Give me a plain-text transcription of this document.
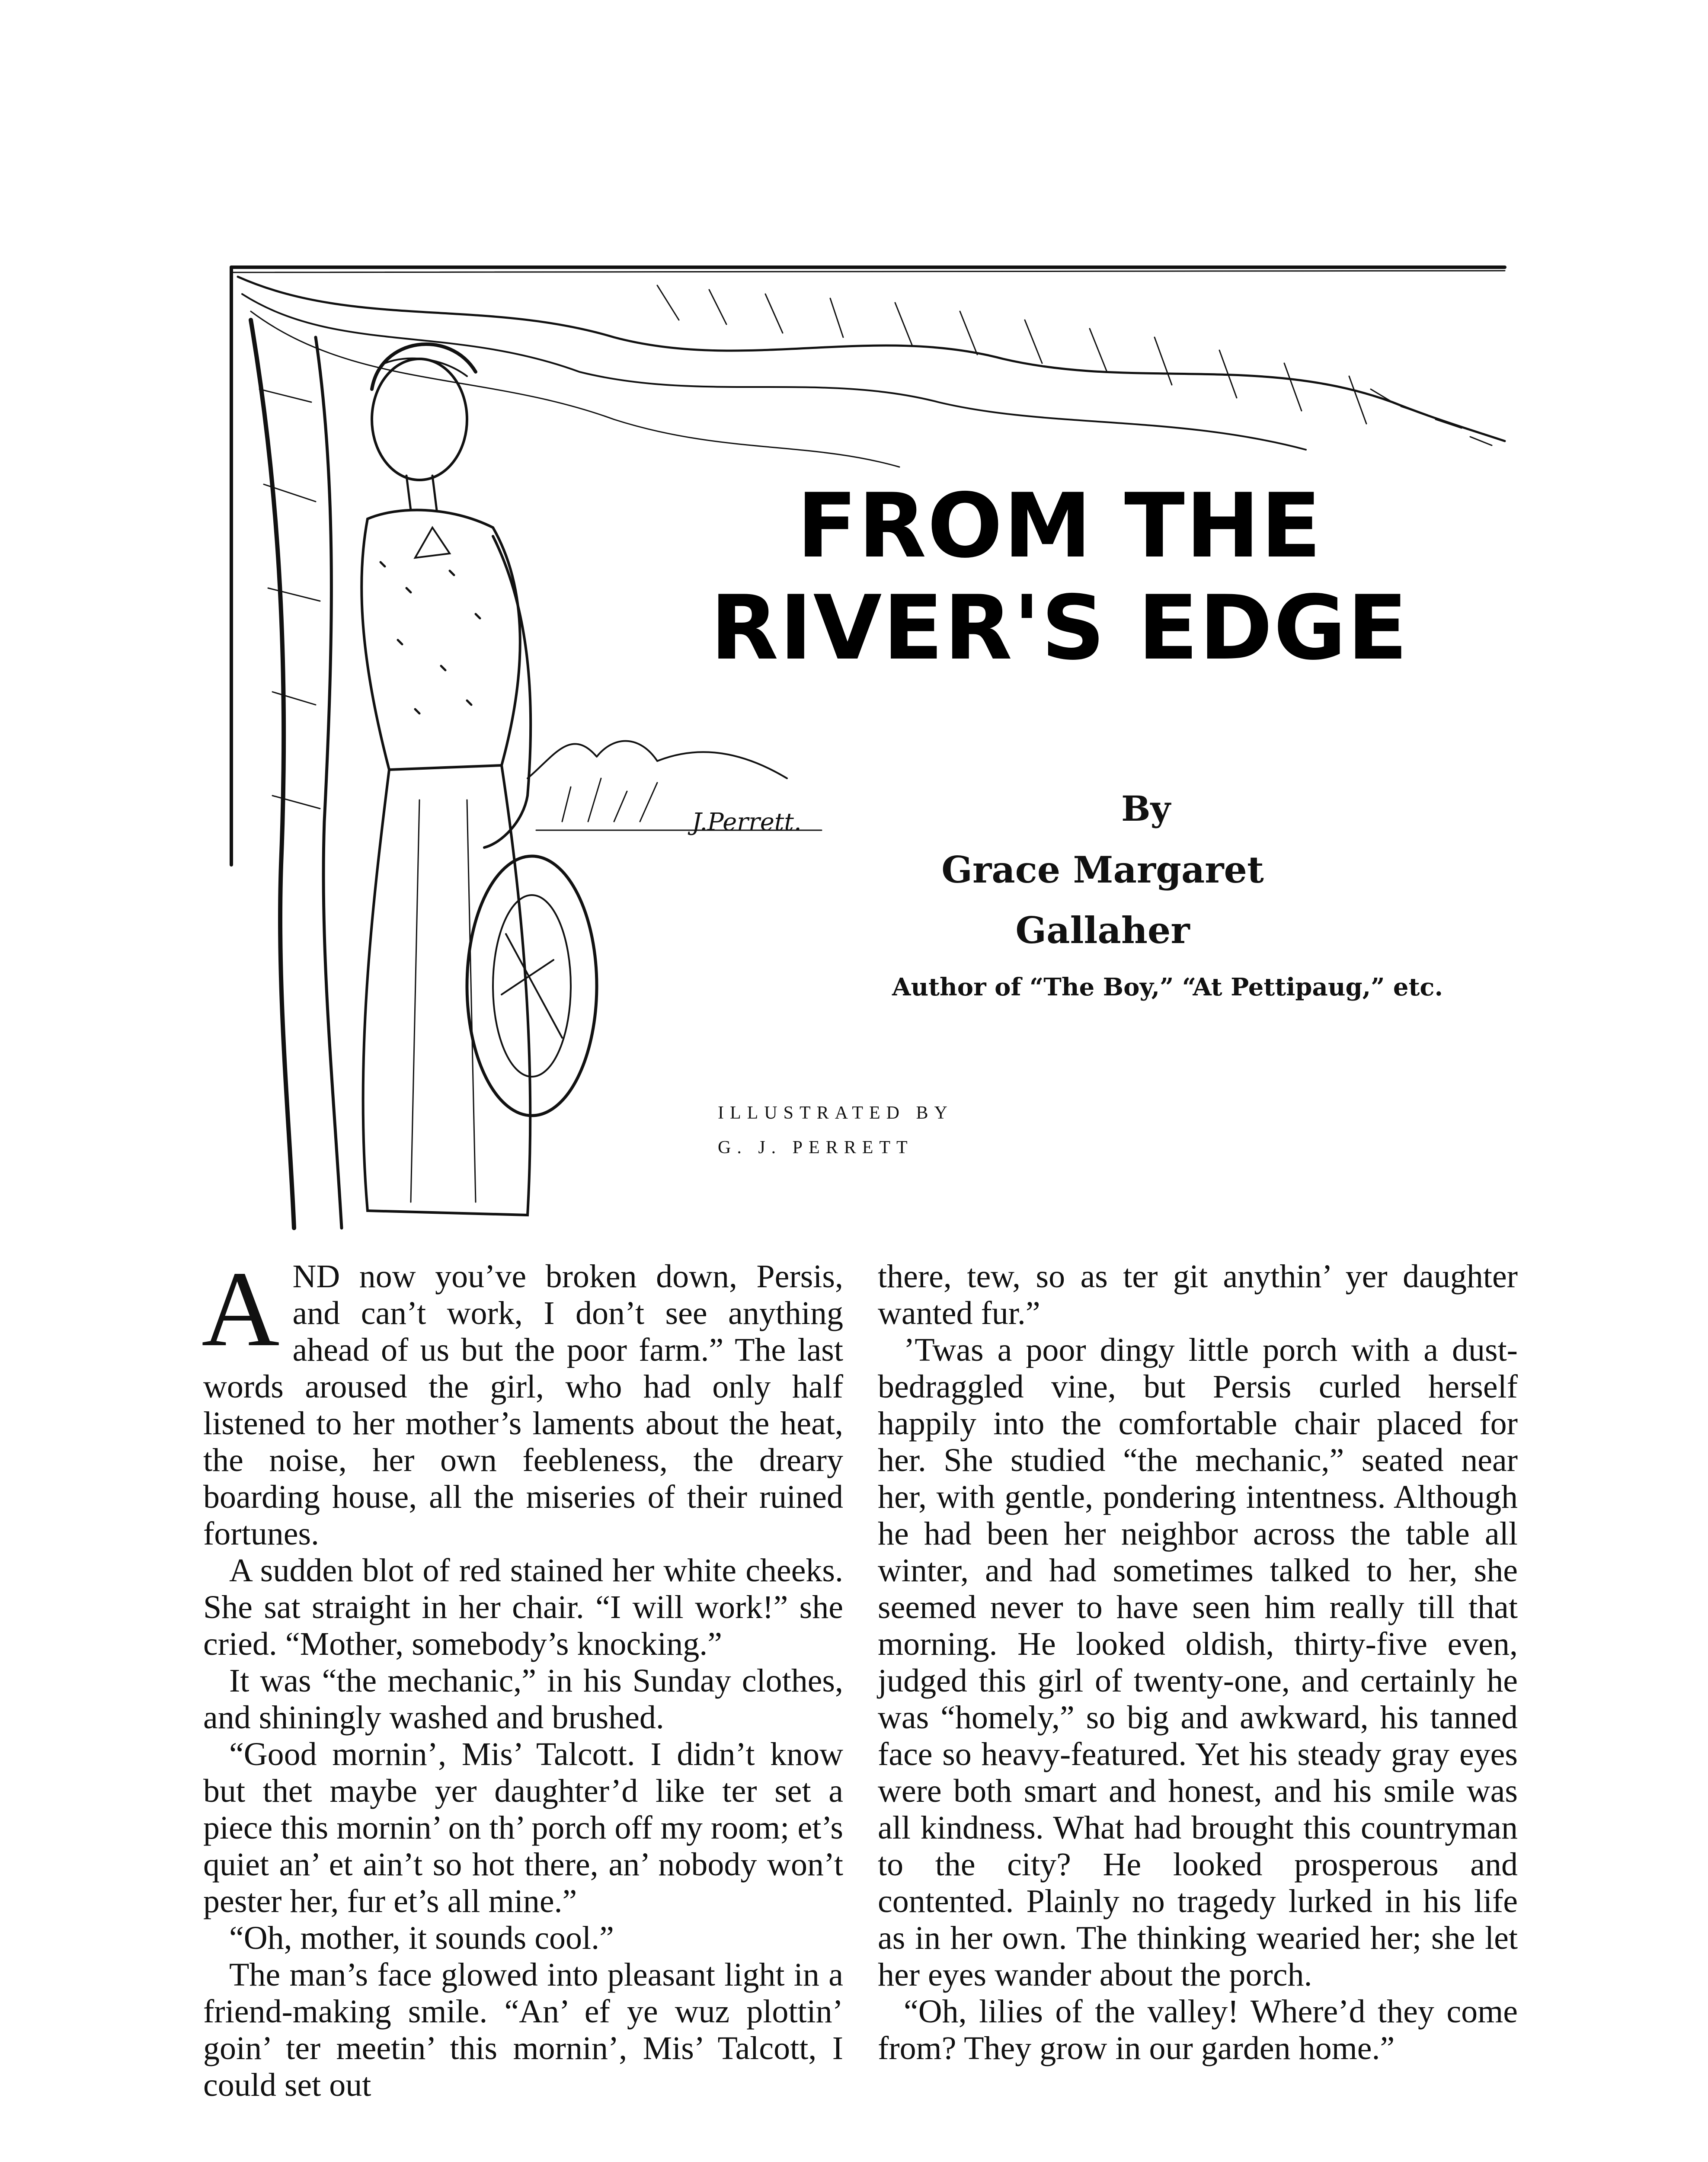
J.Perrett.
FROM THE
RIVER'S EDGE
By
Grace Margaret
Gallaher
Author of “The Boy,” “At Pettipaug,” etc.
ILLUSTRATED BY
G. J. PERRETT

AND now you’ve broken down, Persis, and can’t work, I don’t see anything ahead of us but the poor farm.” The last words aroused the girl, who had only half listened to her mother’s laments about the heat, the noise, her own feebleness, the dreary boarding house, all the miseries of their ruined fortunes.

A sudden blot of red stained her white cheeks. She sat straight in her chair. “I will work!” she cried. “Mother, somebody’s knocking.”

It was “the mechanic,” in his Sunday clothes, and shiningly washed and brushed.

“Good mornin’, Mis’ Talcott. I didn’t know but thet maybe yer daughter’d like ter set a piece this mornin’ on th’ porch off my room; et’s quiet an’ et ain’t so hot there, an’ nobody won’t pester her, fur et’s all mine.”

“Oh, mother, it sounds cool.”

The man’s face glowed into pleasant light in a friend-making smile. “An’ ef ye wuz plottin’ goin’ ter meetin’ this mornin’, Mis’ Talcott, I could set out

there, tew, so as ter git anythin’ yer daughter wanted fur.”

’Twas a poor dingy little porch with a dust-bedraggled vine, but Persis curled herself happily into the comfortable chair placed for her. She studied “the mechanic,” seated near her, with gentle, pondering intentness. Although he had been her neighbor across the table all winter, and had sometimes talked to her, she seemed never to have seen him really till that morning. He looked oldish, thirty-five even, judged this girl of twenty-one, and certainly he was “homely,” so big and awkward, his tanned face so heavy-featured. Yet his steady gray eyes were both smart and honest, and his smile was all kindness. What had brought this countryman to the city? He looked prosperous and contented. Plainly no tragedy lurked in his life as in her own. The thinking wearied her; she let her eyes wander about the porch.

“Oh, lilies of the valley! Where’d they come from? They grow in our garden home.”
